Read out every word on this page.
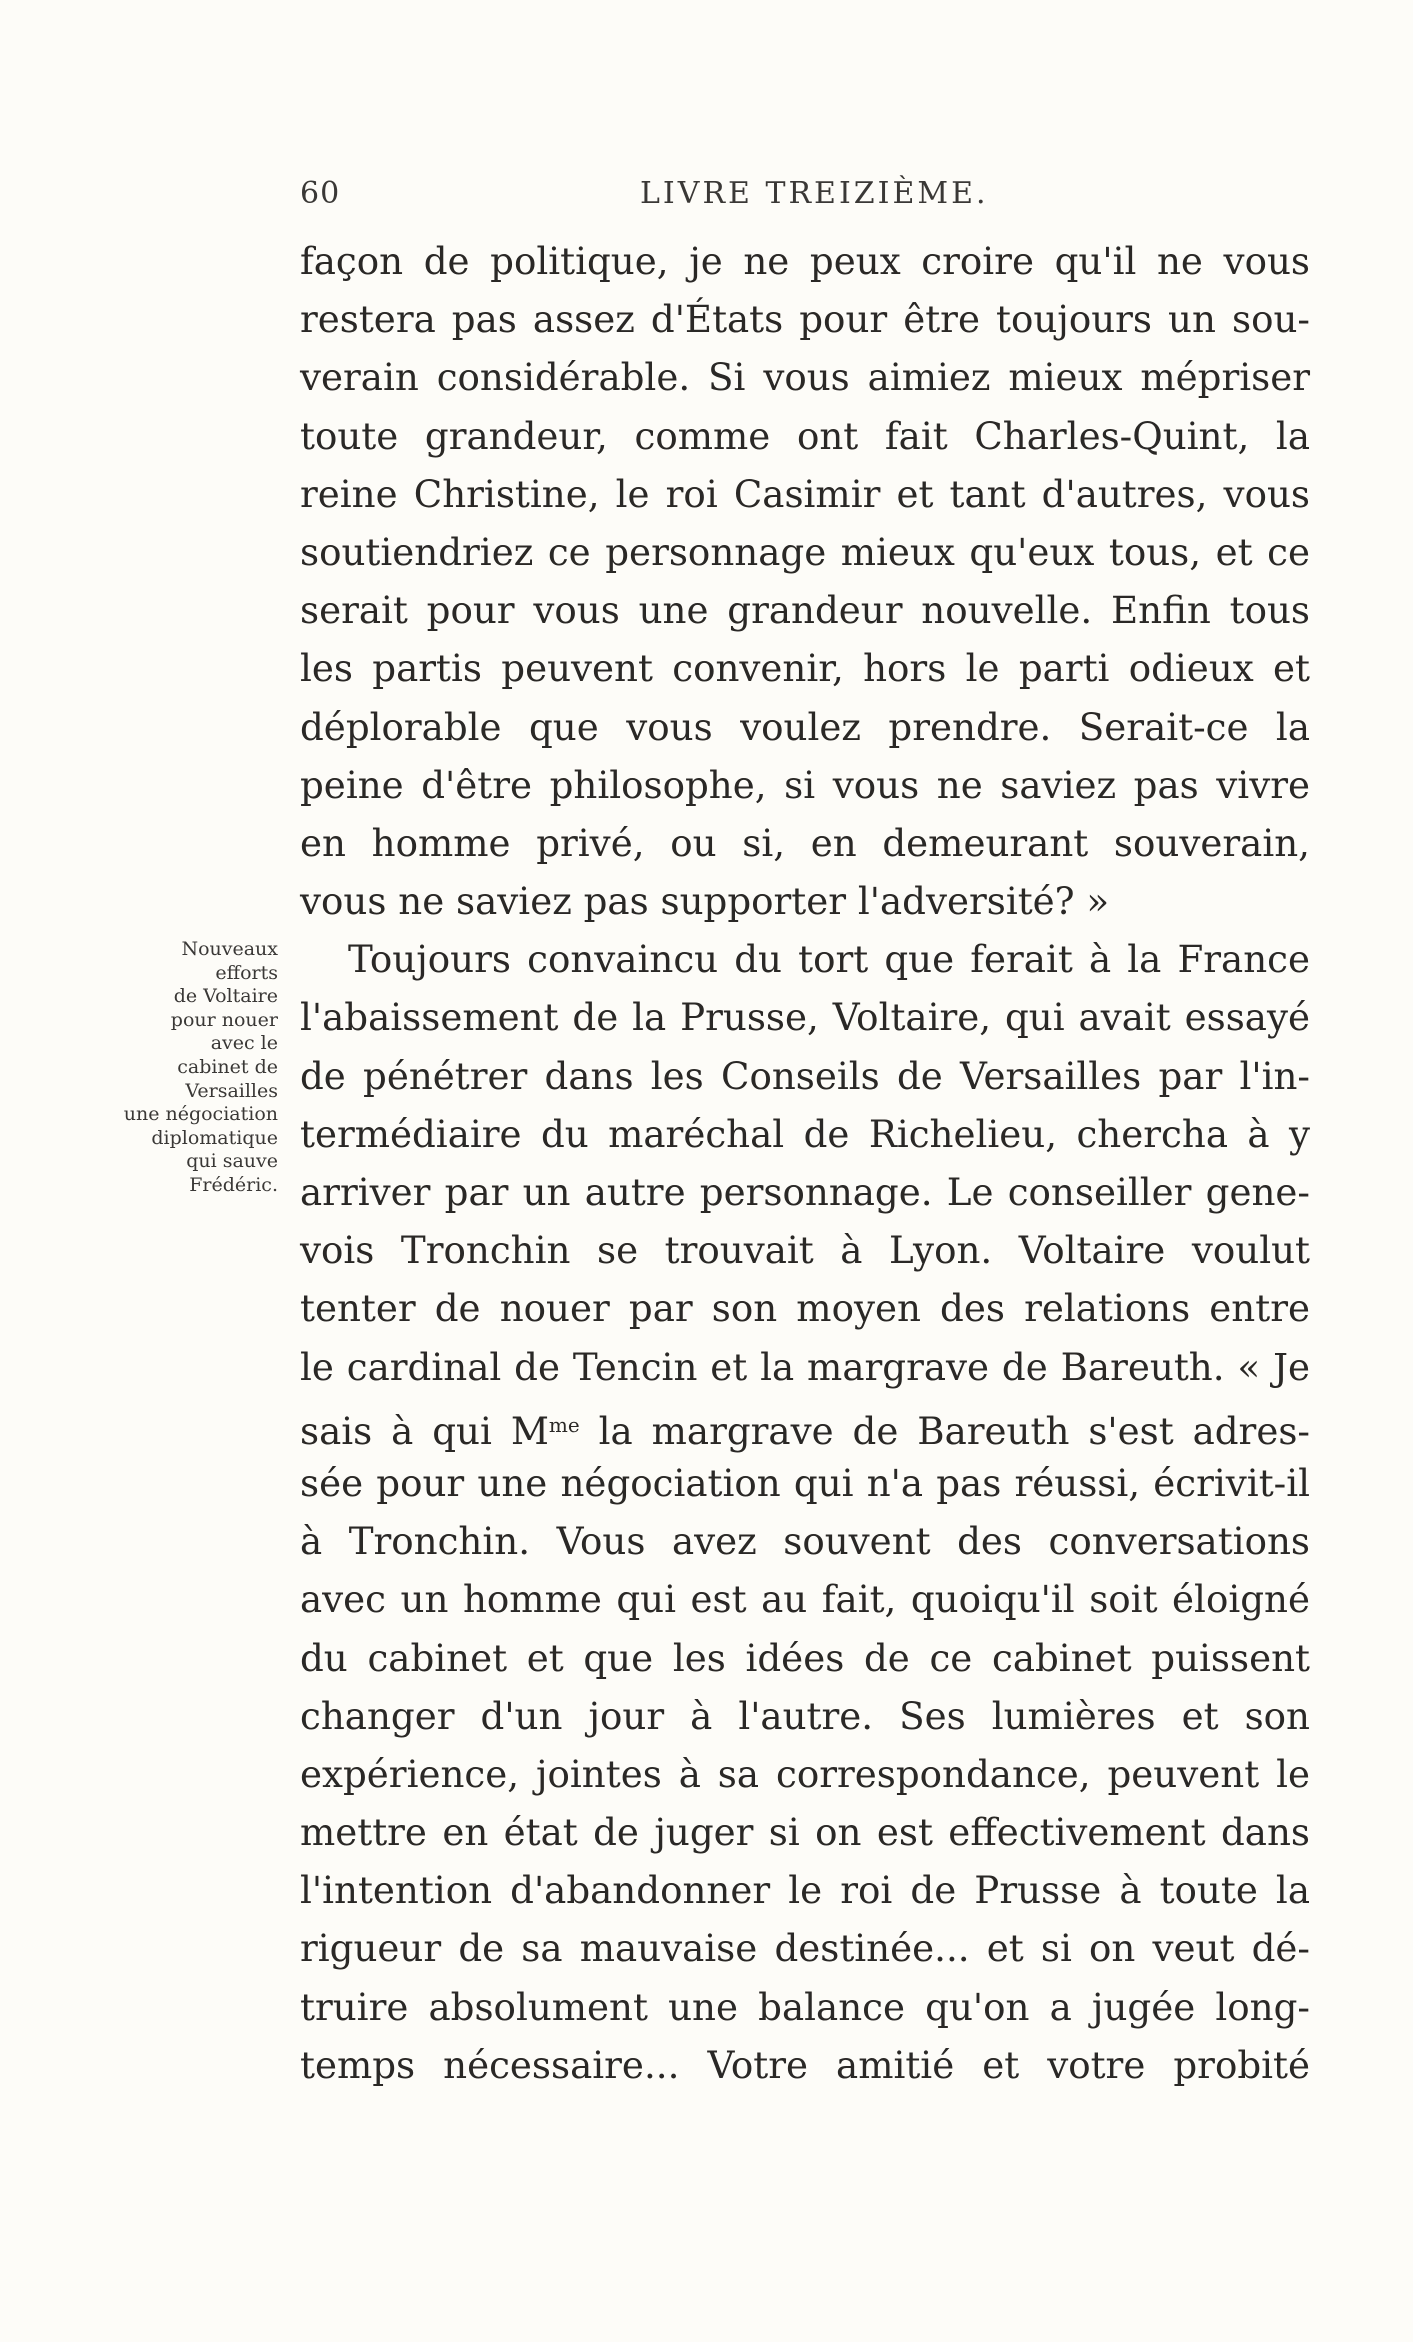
60	LIVRE TREIZIÈME.
Nouveaux
efforts
de Voltaire
pour nouer
avec le
cabinet de
Versailles
une négociation
diplomatique
qui sauve
Frédéric.
façon de politique, je ne peux croire qu'il ne vous
restera pas assez d'États pour être toujours un sou-
verain considérable. Si vous aimiez mieux mépriser
toute grandeur, comme ont fait Charles-Quint, la
reine Christine, le roi Casimir et tant d'autres, vous
soutiendriez ce personnage mieux qu'eux tous, et ce
serait pour vous une grandeur nouvelle. Enfin tous
les partis peuvent convenir, hors le parti odieux et
déplorable que vous voulez prendre. Serait-ce la
peine d'être philosophe, si vous ne saviez pas vivre
en homme privé, ou si, en demeurant souverain,
vous ne saviez pas supporter l'adversité? »
Toujours convaincu du tort que ferait à la France
l'abaissement de la Prusse, Voltaire, qui avait essayé
de pénétrer dans les Conseils de Versailles par l'in-
termédiaire du maréchal de Richelieu, chercha à y
arriver par un autre personnage. Le conseiller gene-
vois Tronchin se trouvait à Lyon. Voltaire voulut
tenter de nouer par son moyen des relations entre
le cardinal de Tencin et la margrave de Bareuth. « Je
sais à qui $M^{me}$ la margrave de Bareuth s'est adres-
sée pour une négociation qui n'a pas réussi, écrivit-il
à Tronchin. Vous avez souvent des conversations
avec un homme qui est au fait, quoiqu'il soit éloigné
du cabinet et que les idées de ce cabinet puissent
changer d'un jour à l'autre. Ses lumières et son
expérience, jointes à sa correspondance, peuvent le
mettre en état de juger si on est effectivement dans
l'intention d'abandonner le roi de Prusse à toute la
rigueur de sa mauvaise destinée... et si on veut dé-
truire absolument une balance qu'on a jugée long-
temps nécessaire... Votre amitié et votre probité
